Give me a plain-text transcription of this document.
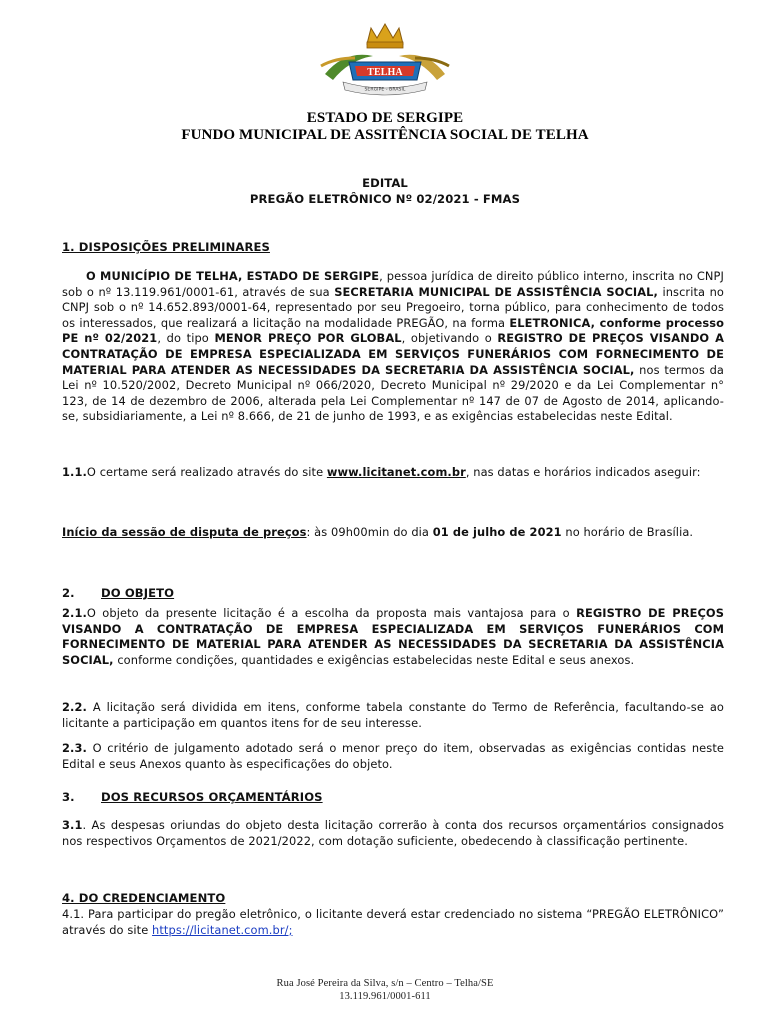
TELHA
SERGIPE - BRASIL
ESTADO DE SERGIPE
FUNDO MUNICIPAL DE ASSITÊNCIA SOCIAL DE TELHA
EDITAL
PREGÃO ELETRÔNICO Nº 02/2021 - FMAS
1. DISPOSIÇÕES PRELIMINARES
O MUNICÍPIO DE TELHA, ESTADO DE SERGIPE, pessoa jurídica de direito público interno, inscrita no CNPJ sob o nº 13.119.961/0001-61, através de sua SECRETARIA MUNICIPAL DE ASSISTÊNCIA SOCIAL, inscrita no CNPJ sob o nº 14.652.893/0001-64, representado por seu Pregoeiro, torna público, para conhecimento de todos os interessados, que realizará a licitação na modalidade PREGÃO, na forma ELETRONICA, conforme processo PE nº 02/2021, do tipo MENOR PREÇO POR GLOBAL, objetivando o REGISTRO DE PREÇOS VISANDO A CONTRATAÇÃO DE EMPRESA ESPECIALIZADA EM SERVIÇOS FUNERÁRIOS COM FORNECIMENTO DE MATERIAL PARA ATENDER AS NECESSIDADES DA SECRETARIA DA ASSISTÊNCIA SOCIAL, nos termos da Lei nº 10.520/2002, Decreto Municipal nº 066/2020, Decreto Municipal nº 29/2020 e da Lei Complementar n° 123, de 14 de dezembro de 2006, alterada pela Lei Complementar nº 147 de 07 de Agosto de 2014, aplicando-se, subsidiariamente, a Lei nº 8.666, de 21 de junho de 1993, e as exigências estabelecidas neste Edital.
1.1.O certame será realizado através do site www.licitanet.com.br, nas datas e horários indicados aseguir:
Início da sessão de disputa de preços: às 09h00min do dia 01 de julho de 2021 no horário de Brasília.
2. DO OBJETO
2.1.O objeto da presente licitação é a escolha da proposta mais vantajosa para o REGISTRO DE PREÇOS VISANDO A CONTRATAÇÃO DE EMPRESA ESPECIALIZADA EM SERVIÇOS FUNERÁRIOS COM FORNECIMENTO DE MATERIAL PARA ATENDER AS NECESSIDADES DA SECRETARIA DA ASSISTÊNCIA SOCIAL, conforme condições, quantidades e exigências estabelecidas neste Edital e seus anexos.
2.2. A licitação será dividida em itens, conforme tabela constante do Termo de Referência, facultando-se ao licitante a participação em quantos itens for de seu interesse.
2.3. O critério de julgamento adotado será o menor preço do item, observadas as exigências contidas neste Edital e seus Anexos quanto às especificações do objeto.
3. DOS RECURSOS ORÇAMENTÁRIOS
3.1. As despesas oriundas do objeto desta licitação correrão à conta dos recursos orçamentários consignados nos respectivos Orçamentos de 2021/2022, com dotação suficiente, obedecendo à classificação pertinente.
4. DO CREDENCIAMENTO
4.1. Para participar do pregão eletrônico, o licitante deverá estar credenciado no sistema “PREGÃO ELETRÔNICO” através do site https://licitanet.com.br/;
Rua José Pereira da Silva, s/n – Centro – Telha/SE
13.119.961/0001-611
